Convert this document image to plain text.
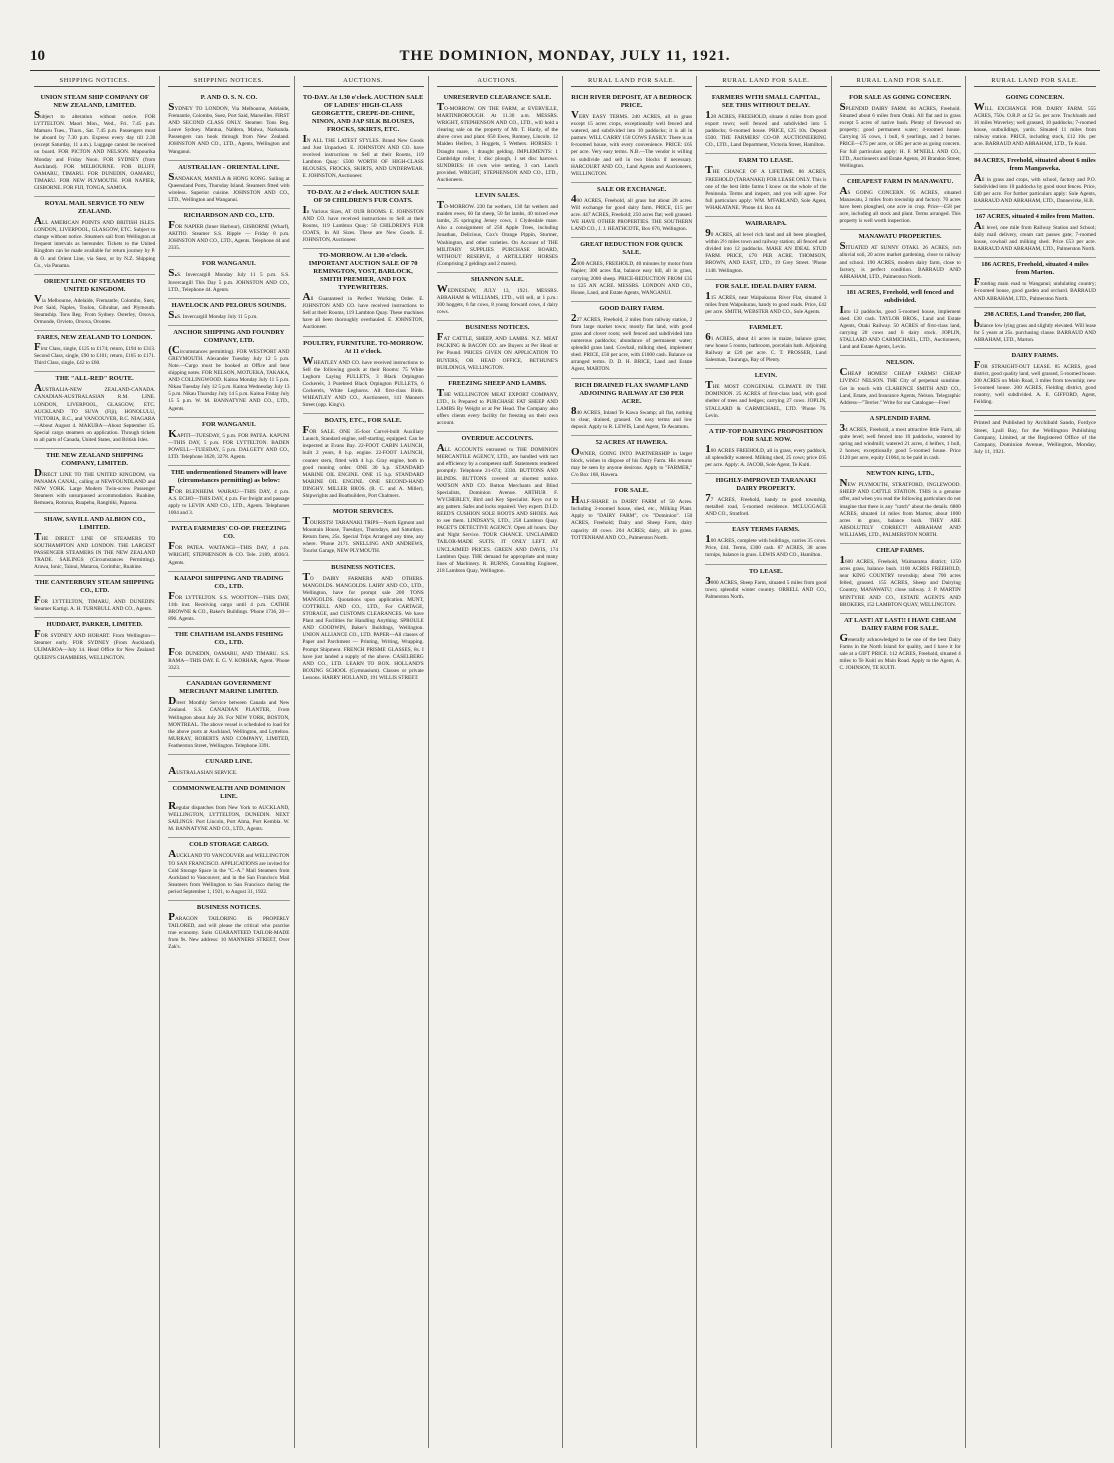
10	THE DOMINION, MONDAY, JULY 11, 1921.
SHIPPING NOTICES.
UNION STEAM SHIP COMPANY OF NEW ZEALAND, LIMITED.
Subject to alteration without notice. FOR LYTTELTON. Maori Mon., Wed., Fri. 7.45 p.m. Mamaru Tues., Thurs., Sat. 7.45 p.m. Passengers must be aboard by 7.30 p.m. Express every day till 2.30 (except Saturday, 11 a.m.). Luggage cannot be received on board. FOR PICTON AND NELSON. Mapourika Monday and Friday Noon. FOR SYDNEY (from Auckland). FOR MELBOURNE. FOR BLUFF, OAMARU, TIMARU. FOR DUNEDIN, OAMARU, TIMARU. FOR NEW PLYMOUTH. FOR NAPIER, GISBORNE. FOR FIJI, TONGA, SAMOA.
ROYAL MAIL SERVICE TO NEW ZEALAND.
ALL AMERICAN POINTS AND BRITISH ISLES. LONDON, LIVERPOOL, GLASGOW, ETC. Subject to change without notice. Steamers sail from Wellington at frequent intervals as hereunder. Tickets to the United Kingdom can be made available for return journey by P. & O. and Orient Line, via Suez, or by N.Z. Shipping Co., via Panama.
ORIENT LINE OF STEAMERS TO UNITED KINGDOM.
Via Melbourne, Adelaide, Fremantle, Colombo, Suez, Port Said, Naples, Toulon, Gibraltar, and Plymouth. Steamship. Tons Reg. From Sydney. Osterley, Orsova, Ormonde, Orvieto, Orsova, Orontes.
FARES, NEW ZEALAND TO LONDON.
First Class, single, £125 to £174; return, £194 to £313. Second Class, single, £90 to £101; return, £165 to £171. Third Class, single, £42 to £60.
THE "ALL-RED" ROUTE.
AUSTRALIA-NEW ZEALAND-CANADA. CANADIAN-AUSTRALASIAN R.M. LINE. LONDON, LIVERPOOL, GLASGOW, ETC. AUCKLAND TO SUVA (Fiji), HONOLULU, VICTORIA, B.C., and VANCOUVER, B.C. NIAGARA—About August 4. MAKURA—About September 15. Special cargo steamers on application. Through tickets to all parts of Canada, United States, and British Isles.
THE NEW ZEALAND SHIPPING COMPANY, LIMITED.
DIRECT LINE TO THE UNITED KINGDOM, via PANAMA CANAL, calling at NEWFOUNDLAND and NEW YORK. Large Modern Twin-screw Passenger Steamers with unsurpassed accommodation. Ruahine, Remuera, Rotorua, Ruapehu, Rangitiki, Paparoa.
SHAW, SAVILL AND ALBION CO., LIMITED.
THE DIRECT LINE OF STEAMERS TO SOUTHAMPTON AND LONDON. THE LARGEST PASSENGER STEAMERS IN THE NEW ZEALAND TRADE. SAILINGS (Circumstances Permitting). Arawa, Ionic, Tainui, Mataroa, Corinthic, Ruahine.
THE CANTERBURY STEAM SHIPPING CO., LTD.
FOR LYTTELTON, TIMARU, AND DUNEDIN. Steamer Kartigi. A. H. TURNBULL AND CO., Agents.
HUDDART, PARKER, LIMITED.
FOR SYDNEY AND HOBART. From Wellington—Steamer early. FOR SYDNEY (From Auckland). ULIMAROA—July 14. Head Office for New Zealand: QUEEN'S CHAMBERS, WELLINGTON.
SHIPPING NOTICES.
P. AND O. S. N. CO.
SYDNEY TO LONDON, Via Melbourne, Adelaide, Fremantle, Colombo, Suez, Port Said, Marseilles. FIRST AND SECOND CLASS ONLY. Steamer. Tons Reg. Leave Sydney. Mantua, Naldera, Malwa, Narkunda. Passengers can book through from New Zealand. JOHNSTON AND CO., LTD., Agents, Wellington and Wanganui.
AUSTRALIAN - ORIENTAL LINE.
SANDAKAN, MANILA & HONG KONG. Sailing at Queensland Ports, Thursday Island. Steamers fitted with wireless. Superior cuisine. JOHNSTON AND CO., LTD., Wellington and Wanganui.
RICHARDSON AND CO., LTD.
FOR NAPIER (Inner Harbour), GISBORNE (Wharf), AKITIO. Steamer S.S. Ripple — Friday 8 p.m. JOHNSTON AND CO., LTD., Agents. Telephone 44 and 2335.
FOR WANGANUI.
S.S. Invercargill Monday July 11 5 p.m. S.S. Invercargill This Day 5 p.m. JOHNSTON AND CO., LTD., Telephone 44. Agents.
HAVELOCK AND PELORUS SOUNDS.
S.S. Invercargill Monday July 11 5 p.m.
ANCHOR SHIPPING AND FOUNDRY COMPANY, LTD.
(Circumstances permitting). FOR WESTPORT AND GREYMOUTH. Alexander Tuesday July 12 5 p.m. Note.—Cargo must be booked at Office and bear shipping notes. FOR NELSON, MOTUEKA, TAKAKA, AND COLLINGWOOD. Kaitoa Monday July 11 5 p.m. Nikau Tuesday July 12 5 p.m. Kaitoa Wednesday July 13 5 p.m. Nikau Thursday July 14 5 p.m. Kaitoa Friday July 15 5 p.m. W. M. BANNATYNE AND CO., LTD., Agents.
FOR WANGANUI.
KAPITI—TUESDAY, 5 p.m. FOR PATEA. KAPUNI—THIS DAY, 5 p.m. FOR LYTTELTON. BADEN POWELL—TUESDAY, 5 p.m. DALGETY AND CO., LTD. Telephone 3620, 3278. Agents.
THE undermentioned Steamers will leave (circumstances permitting) as below:
FOR BLENHEIM. WAIRAU—THIS DAY, 4 p.m. A.S. ECHO—THIS DAY, 4 p.m. For freight and passage apply to LEVIN AND CO., LTD., Agents. Telephones 1004 and 3.
PATEA FARMERS' CO-OP. FREEZING CO.
FOR PATEA. WAITANGI—THIS DAY, 4 p.m. WRIGHT, STEPHENSON & CO. Tele. 2189, 4036/3. Agents.
KAIAPOI SHIPPING AND TRADING CO., LTD.
FOR LYTTELTON. S.S. WOOTTON—THIS DAY, 11th inst. Receiving cargo until 4 p.m. CATHIE BROWNE & CO., Baker's Buildings. 'Phone 1736, 20—896. Agents.
THE CHATHAM ISLANDS FISHING CO., LTD.
FOR DUNEDIN, OAMARU, AND TIMARU. S.S. RAMA—THIS DAY. E. G. V. KORHAR, Agent. 'Phone 3323.
CANADIAN GOVERNMENT MERCHANT MARINE LIMITED.
Direct Monthly Service between Canada and New Zealand. S.S. CANADIAN PLANTER, From Wellington about July 26. For NEW YORK, BOSTON, MONTREAL. The above vessel is scheduled to load for the above ports at Auckland, Wellington, and Lyttelton. MURRAY, ROBERTS AND COMPANY, LIMITED, Featherston Street, Wellington. Telephone 3391.
CUNARD LINE.
AUSTRALASIAN SERVICE.
COMMONWEALTH AND DOMINION LINE.
Regular dispatches from New York to AUCKLAND, WELLINGTON, LYTTELTON, DUNEDIN. NEXT SAILINGS: Port Lincoln, Port Alma, Port Kembla. W. M. BANNATYNE AND CO., LTD., Agents.
COLD STORAGE CARGO.
AUCKLAND TO VANCOUVER and WELLINGTON TO SAN FRANCISCO. APPLICATIONS are invited for Cold Storage Space in the "C.-A." Mail Steamers from Auckland to Vancouver, and in the San Francisco Mail Steamers from Wellington to San Francisco during the period September 1, 1921, to August 31, 1922.
BUSINESS NOTICES.
PARAGON TAILORING IS PROPERLY TAILORED, and will please the critical who practise true economy. Suits GUARANTEED TAILOR-MADE from 9s. New address: 10 MANNERS STREET, Over Zak's.
AUCTIONS.
TO-DAY. At 1.30 o'clock. AUCTION SALE OF LADIES' HIGH-CLASS GEORGETTE, CREPE-DE-CHINE, NINON, AND JAP SILK BLOUSES, FROCKS, SKIRTS, ETC.
IN ALL THE LATEST STYLES. Brand New Goods and Just Unpacked. E. JOHNSTON AND CO. have received instructions to Sell at their Rooms, 119 Lambton Quay: £500 WORTH OF HIGH-CLASS BLOUSES, FROCKS, SKIRTS, AND UNDERWEAR. E. JOHNSTON, Auctioneer.
TO-DAY. At 2 o'clock. AUCTION SALE OF 50 CHILDREN'S FUR COATS.
In Various Sizes, AT OUR ROOMS. E. JOHNSTON AND CO. have received instructions to Sell at their Rooms, 119 Lambton Quay: 50 CHILDREN'S FUR COATS, In All Sizes. These are New Goods. E. JOHNSTON, Auctioneer.
TO-MORROW. At 1.30 o'clock. IMPORTANT AUCTION SALE OF 70 REMINGTON, YOST, BARLOCK, SMITH PREMIER, AND FOX TYPEWRITERS.
All Guaranteed in Perfect Working Order. E. JOHNSTON AND CO. have received instructions to Sell at their Rooms, 119 Lambton Quay. These machines have all been thoroughly overhauled. E. JOHNSTON, Auctioneer.
POULTRY, FURNITURE. TO-MORROW. At 11 o'clock.
WHEATLEY AND CO. have received instructions to Sell the following goods at their Rooms: 75 White Leghorn Laying PULLETS, 3 Black Orpington Cockerels, 3 Purebred Black Orpington PULLETS, 6 Cockerels, White Leghorns. All first-class Birds. WHEATLEY AND CO., Auctioneers, 141 Manners Street (opp. King's).
BOATS, ETC., FOR SALE.
FOR SALE. ONE 35-foot Carvel-built Auxiliary Launch, Standard engine, self-starting, equipped. Can be inspected at Evans Bay. 22-FOOT CABIN LAUNCH, built 2 years, 8 h.p. engine. 22-FOOT LAUNCH, counter stern, fitted with 4 h.p. Gray engine, both in good running order. ONE 30 h.p. STANDARD MARINE OIL ENGINE. ONE 15 h.p. STANDARD MARINE OIL ENGINE. ONE SECOND-HAND DINGHY. MILLER BROS. (R. C. and A. Miller), Shipwrights and Boatbuilders, Port Chalmers.
MOTOR SERVICES.
TOURISTS! TARANAKI TRIPS—North Egmont and Mountain House, Tuesdays, Thursdays, and Saturdays. Return fares, 25s. Special Trips Arranged any time, any where. 'Phone 2171. SNELLING AND ANDREWS, Tourist Garage, NEW PLYMOUTH.
BUSINESS NOTICES.
TO DAIRY FARMERS AND OTHERS. MANGOLDS. MANGOLDS. LAIRY AND CO., LTD., Wellington, have for prompt sale 200 TONS MANGOLDS. Quotations upon application. MUNT, COTTRELL AND CO., LTD., For CARTAGE, STORAGE, and CUSTOMS CLEARANCES. We have Plant and Facilities for Handling Anything. SPROULE AND GOODWIN, Baker's Buildings, Wellington. UNION ALLIANCE CO., LTD. PAPER—All classes of Paper and Parchment — Printing, Writing, Wrapping. Prompt Shipment. FRENCH PRISME GLASSES, 8s. I have just landed a supply of the above. CASELBERG AND CO., LTD. LEARN TO BOX. HOLLAND'S BOXING SCHOOL (Gymnasium). Classes or private Lessons. HARRY HOLLAND, 191 WILLIS STREET.
AUCTIONS.
UNRESERVED CLEARANCE SALE.
TO-MORROW. ON THE FARM, at EVERVILLE, MARTINBOROUGH. At 11.30 a.m. MESSRS. WRIGHT, STEPHENSON AND CO., LTD., will hold a clearing sale on the property of Mr. T. Hardy, of the above cows and plant. 650 Ewes, Romney, Lincoln. 12 Maiden Heifers, 3 Hoggets, 5 Wethers. HORSES: 1 Draught mare, 1 draught gelding. IMPLEMENTS: 1 Cambridge roller, 1 disc plough, 1 set disc harrows. SUNDRIES: 16 cwts wire netting, 3 cart. Lunch provided. WRIGHT, STEPHENSON AND CO., LTD., Auctioneers.
LEVIN SALES.
TO-MORROW. 230 fat wethers, 130 fat wethers and maiden ewes, 60 fat sheep, 50 fat lambs, 40 mixed ewe lambs, 25 springing Jersey cows, 1 Clydesdale mare. Also a consignment of 250 Apple Trees, including Jonathan, Delicious, Cox's Orange Pippin, Sturmer, Washington, and other varieties. On Account of THE MILITARY SUPPLIES PURCHASE BOARD, WITHOUT RESERVE, 4 ARTILLERY HORSES (Comprising 2 geldings and 2 mares).
SHANNON SALE.
WEDNESDAY, JULY 13, 1921. MESSRS. ABRAHAM & WILLIAMS, LTD., will sell, at 1 p.m.: 100 hoggets, 6 fat cows, 8 young forward cows, 4 dairy cows.
BUSINESS NOTICES.
FAT CATTLE, SHEEP, AND LAMBS. N.Z. MEAT PACKING & BACON CO. are Buyers at Per Head or Per Pound. PRICES GIVEN ON APPLICATION TO BUYERS, OR HEAD OFFICE, BETHUNE'S BUILDINGS, WELLINGTON.
FREEZING SHEEP AND LAMBS.
THE WELLINGTON MEAT EXPORT COMPANY, LTD., Is Prepared to PURCHASE FAT SHEEP AND LAMBS By Weight or at Per Head. The Company also offers clients every facility for freezing on their own account.
OVERDUE ACCOUNTS.
ALL ACCOUNTS entrusted to THE DOMINION MERCANTILE AGENCY, LTD., are handled with tact and efficiency by a competent staff. Statements rendered promptly. Telephone 21-674; 3330. BUTTONS AND BLINDS. BUTTONS covered at shortest notice. WATSON AND CO. Button Merchants and Blind Specialists, Dominion Avenue. ARTHUR F. WYCHERLEY, Bird and Key Specialist. Keys cut to any pattern. Safes and locks repaired. Very expert. D.I.D. REED'S CUSHION SOLE BOOTS AND SHOES. Ask to see them. LINDSAY'S, LTD., 258 Lambton Quay. PAGET'S DETECTIVE AGENCY. Open all hours. Day and Night Service. TOUR CHANCE. UNCLAIMED TAILOR-MADE SUITS. IT ONLY LEFT. AT UNCLAIMED PRICES. GREEN AND DAVIS, 174 Lambton Quay. THE demand for appropriate and many lines of Machinery. R. BURNS, Consulting Engineer, 218 Lambton Quay, Wellington.
RURAL LAND FOR SALE.
RICH RIVER DEPOSIT, AT A BEDROCK PRICE.
VERY EASY TERMS. 240 ACRES, all in grass except 15 acres crops, exceptionally well fenced and watered, and subdivided into 10 paddocks; it is all in pasture. WILL CARRY 150 COWS EASILY. There is an 8-roomed house, with every convenience. PRICE: £65 per acre. Very easy terms. N.B.—The vendor is willing to subdivide and sell in two blocks if necessary. HARCOURT AND CO., Land Agents and Auctioneers, WELLINGTON.
SALE OR EXCHANGE.
400 ACRES, Freehold, all grass but about 20 acres. Will exchange for good dairy farm. PRICE, £15 per acre. 447 ACRES, Freehold; 250 acres flat; well grassed. WE HAVE OTHER PROPERTIES. THE SOUTHERN LAND CO., J. J. HEATHCOTE, Box 676, Wellington.
GREAT REDUCTION FOR QUICK SALE.
2000 ACRES, FREEHOLD, 40 minutes by motor from Napier; 300 acres flat, balance easy hill, all in grass, carrying 2000 sheep. PRICE-REDUCTION FROM £35 to £25 AN ACRE. MESSRS. LONDON AND CO., House, Land, and Estate Agents, WANGANUI.
GOOD DAIRY FARM.
227 ACRES, Freehold, 2 miles from railway station, 2 from large market town; mostly flat land, with good grass and clover roots; well fenced and subdivided into numerous paddocks; abundance of permanent water; splendid grass land. Cowbail, milking shed, implement shed. PRICE, £50 per acre, with £1000 cash. Balance on arranged terms. D. D. H. BRICE, Land and Estate Agent, MARTON.
RICH DRAINED FLAX SWAMP LAND ADJOINING RAILWAY AT £30 PER ACRE.
840 ACRES, Inland Te Kawa Swamp; all flat, nothing to clear, drained, grassed. On easy terms and low deposit. Apply to R. LEWIS, Land Agent, Te Awamutu.
52 ACRES AT HAWERA.
OWNER, GOING INTO PARTNERSHIP in larger block, wishes to dispose of his Dairy Farm. His returns may be seen by anyone desirous. Apply to "FARMER," C/o Box 168, Hawera.
FOR SALE.
HALF-SHARE in DAIRY FARM of 50 Acres. Including 3-roomed house, shed, etc., Milking Plant. Apply to "DAIRY FARM", c/o "Dominion". 150 ACRES, Freehold; Dairy and Sheep Farm, dairy capacity 40 cows. 204 ACRES; dairy, all in grass. TOTTENHAM AND CO., Palmerston North.
RURAL LAND FOR SALE.
FARMERS WITH SMALL CAPITAL, SEE THIS WITHOUT DELAY.
128 ACRES, FREEHOLD, situate 4 miles from good export town; well fenced and subdivided into 5 paddocks; 6-roomed house. PRICE, £25 10s. Deposit £500. THE FARMERS' CO-OP. AUCTIONEERING CO., LTD., Land Department, Victoria Street, Hamilton.
FARM TO LEASE.
THE CHANCE OF A LIFETIME. 86 ACRES, FREEHOLD (TARANAKI) FOR LEASE ONLY. This is one of the best little farms I know on the whole of the Peninsula. Terms and inspect, and you will agree. For full particulars apply: WM. M'FARLAND, Sole Agent, WHAKATANE. 'Phone 44. Box 44.
WAIRARAPA.
90 ACRES, all level rich land and all been ploughed, within 2½ miles town and railway station; all fenced and divided into 12 paddocks. MAKE AN IDEAL STUD FARM. PRICE, £70 PER ACRE. THOMSON, BROWN, AND EAST, LTD., 19 Grey Street. 'Phone 1148. Wellington.
FOR SALE. IDEAL DAIRY FARM.
115 ACRES, near Waipukurau River Flat, situated 3 miles from Waipukurau, handy to good roads. Price, £42 per acre. SMITH, WEBSTER AND CO., Sole Agents.
FARMLET.
61 ACRES, about 41 acres in maize, balance grass; new house 5 rooms, bathroom, porcelain bath. Adjoining Railway at £20 per acre. C. T. PROSSER, Land Salesman, Tauranga, Bay of Plenty.
LEVIN.
THE MOST CONGENIAL CLIMATE IN THE DOMINION. 25 ACRES of first-class land, with good shelter of trees and hedges; carrying 27 cows. JOPLIN, STALLARD & CARMICHAEL, LTD. 'Phone 76. Levin.
A TIP-TOP DAIRYING PROPOSITION FOR SALE NOW.
100 ACRES FREEHOLD, all in grass, every paddock, all splendidly watered. Milking shed, 25 cows; price £65 per acre. Apply: A. JACOB, Sole Agent, Te Kuiti.
HIGHLY-IMPROVED TARANAKI DAIRY PROPERTY.
77 ACRES, Freehold, handy to good township, metalled road, 5-roomed residence. MCLUGGAGE AND CO., Stratford.
EASY TERMS FARMS.
100 ACRES, complete with buildings, carries 35 cows. Price, £44. Terms, £300 cash. 87 ACRES, 38 acres turnips, balance in grass. LEWIS AND CO., Hamilton.
TO LEASE.
3000 ACRES, Sheep Farm, situated 5 miles from good town; splendid winter country. ORRELL AND CO., Palmerston North.
RURAL LAND FOR SALE.
FOR SALE AS GOING CONCERN.
SPLENDID DAIRY FARM. 84 ACRES, Freehold. Situated about 6 miles from Otaki. All flat and in grass except 5 acres of native bush. Plenty of firewood on property; good permanent water; 4-roomed house. Carrying 35 cows, 1 bull, 6 yearlings, and 2 horses. PRICE—£75 per acre, or £85 per acre as going concern. For full particulars apply: H. F. M'NEILL AND CO., LTD., Auctioneers and Estate Agents, 20 Brandon Street, Wellington.
CHEAPEST FARM IN MANAWATU.
AS GOING CONCERN. 95 ACRES, situated Manawatu, 2 miles from township and factory. 70 acres have been ploughed, one acre in crop. Price—£58 per acre, including all stock and plant. Terms arranged. This property is well worth inspection.
MANAWATU PROPERTIES.
SITUATED AT SUNNY OTAKI. 26 ACRES, rich alluvial soil, 20 acres market gardening, close to railway and school. 190 ACRES, modern dairy farm, close to factory, is perfect condition. BARRAUD AND ABRAHAM, LTD., Palmerston North.
181 ACRES, Freehold, well fenced and subdivided.
Into 12 paddocks, good 5-roomed house, implement shed. £30 cash. TAYLOR BROS., Land and Estate Agents, Otaki Railway. 50 ACRES of first-class land, carrying 20 cows and 6 dairy stock. JOPLIN, STALLARD AND CARMICHAEL, LTD., Auctioneers, Land and Estate Agents, Levin.
NELSON.
CHEAP HOMES! CHEAP FARMS! CHEAP LIVING! NELSON. THE City of perpetual sunshine. Get in touch with CLARENCE SMITH AND CO., Land, Estate, and Insurance Agents, Nelson. Telegraphic Address—"Terrier." Write for our Catalogue—Free!
A SPLENDID FARM.
34 ACRES, Freehold, a most attractive little Farm, all quite level; well fenced into 10 paddocks, watered by spring and windmill; watered 21 acres, 4 heifers, 1 bull, 2 horses; exceptionally good 5-roomed house. Price £120 per acre, equity £1064, to be paid in cash.
NEWTON KING, LTD.,
NEW PLYMOUTH, STRATFORD, INGLEWOOD. SHEEP AND CATTLE STATION. THIS is a genuine offer, and when you read the following particulars do not imagine that there is any "catch" about the details. 6800 ACRES, situated 14 miles from Marton; about 1000 acres in grass, balance bush. THEY ARE ABSOLUTELY CORRECT! ABRAHAM AND WILLIAMS, LTD., PALMERSTON NORTH.
CHEAP FARMS.
1600 ACRES, Freehold, Waimarama district; 1250 acres grass, balance bush. 1100 ACRES FREEHOLD, near KING COUNTRY township; about 700 acres felled, grassed. 155 ACRES, Sheep and Dairying Country, MANAWATU; close railway. J. P. MARTIN M'INTYRE AND CO., ESTATE AGENTS AND BROKERS, 152 LAMBTON QUAY, WELLINGTON.
AT LAST! AT LAST!! I HAVE CHEAM DAIRY FARM FOR SALE.
Generally acknowledged to be one of the best Dairy Farms in the North Island for quality, and I have it for sale at a GIFT PRICE. 112 ACRES, Freehold, situated 4 miles to Te Kuiti on Main Road. Apply to the Agent, A. C. JOHNSON, TE KUITI.
RURAL LAND FOR SALE.
GOING CONCERN.
WILL EXCHANGE FOR DAIRY FARM. 555 ACRES, 750s. O.R.P. at £2 5s. per acre. Truckloads and 16 miles Waverley; well grassed, 10 paddocks; 7-roomed house, outbuildings, yards. Situated 11 miles from railway station. PRICE, including stock, £12 10s. per acre. BARRAUD AND ABRAHAM, LTD., Te Kuiti.
84 ACRES, Freehold, situated about 6 miles from Mangaweka.
All in grass and crops, with school, factory and P.O. Subdivided into 10 paddocks by good stout fences. Price, £40 per acre. For further particulars apply: Sole Agents, BARRAUD AND ABRAHAM, LTD., Dannevirke, H.B.
167 ACRES, situated 4 miles from Matton.
All level, one mile from Railway Station and School; daily mail delivery, cream cart passes gate; 7-roomed house, cowbail and milking shed. Price £53 per acre. BARRAUD AND ABRAHAM, LTD., Palmerston North.
186 ACRES, Freehold, situated 4 miles from Marton.
Fronting main road to Wanganui; undulating country; 6-roomed house, good garden and orchard. BARRAUD AND ABRAHAM, LTD., Palmerston North.
298 ACRES, Land Transfer, 200 flat,
balance low lying grass and slightly elevated. Will lease for 5 years at 25s. purchasing clause. BARRAUD AND ABRAHAM, LTD., Marton.
DAIRY FARMS.
FOR STRAIGHT-OUT LEASE. 85 ACRES, good district, good quality land, well grassed, 5-roomed house. 200 ACRES on Main Road, 3 miles from township; new 5-roomed house. 200 ACRES, Fielding district, good country, well subdivided. A. E. GIFFORD, Agent, Feilding.
Printed and Published by Archibald Sando, Fordyce Street, Lyall Bay, for the Wellington Publishing Company, Limited, at the Registered Office of the Company, Dominion Avenue, Wellington, Monday, July 11, 1921.
